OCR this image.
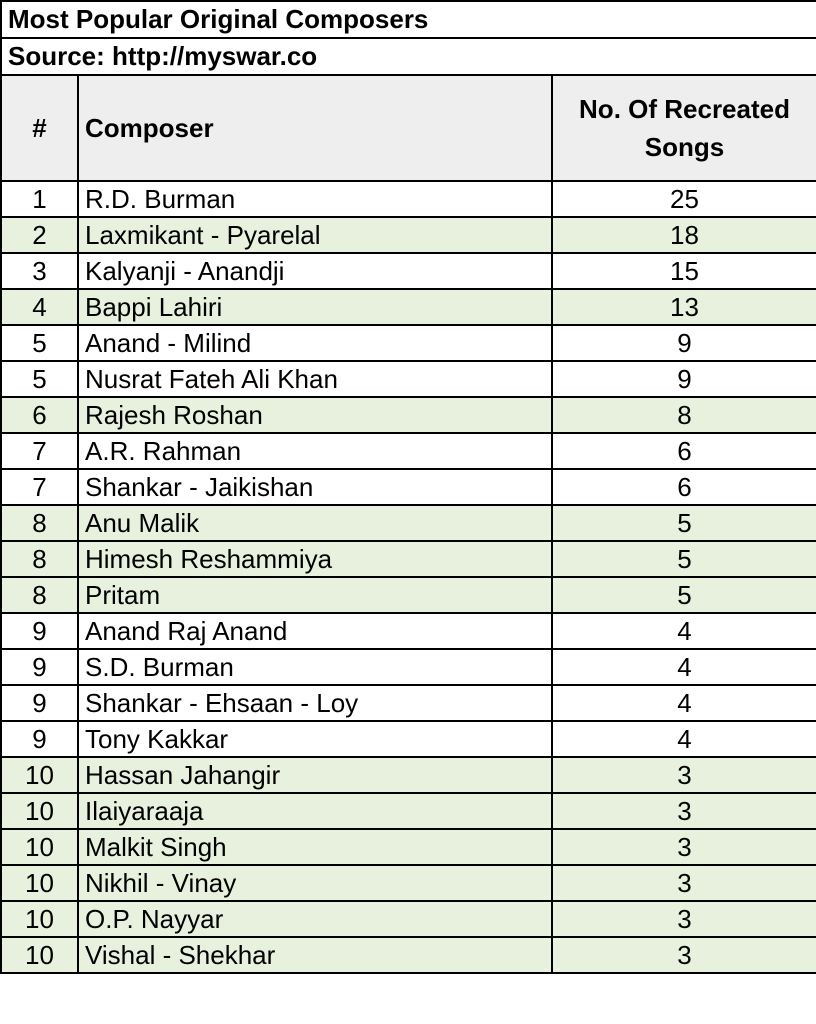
Most Popular Original Composers		
Source: http://myswar.co		
#	Composer	No. Of Recreated Songs
1	R.D. Burman	25
2	Laxmikant - Pyarelal	18
3	Kalyanji - Anandji	15
4	Bappi Lahiri	13
5	Anand - Milind	9
5	Nusrat Fateh Ali Khan	9
6	Rajesh Roshan	8
7	A.R. Rahman	6
7	Shankar - Jaikishan	6
8	Anu Malik	5
8	Himesh Reshammiya	5
8	Pritam	5
9	Anand Raj Anand	4
9	S.D. Burman	4
9	Shankar - Ehsaan - Loy	4
9	Tony Kakkar	4
10	Hassan Jahangir	3
10	Ilaiyaraaja	3
10	Malkit Singh	3
10	Nikhil - Vinay	3
10	O.P. Nayyar	3
10	Vishal - Shekhar	3
